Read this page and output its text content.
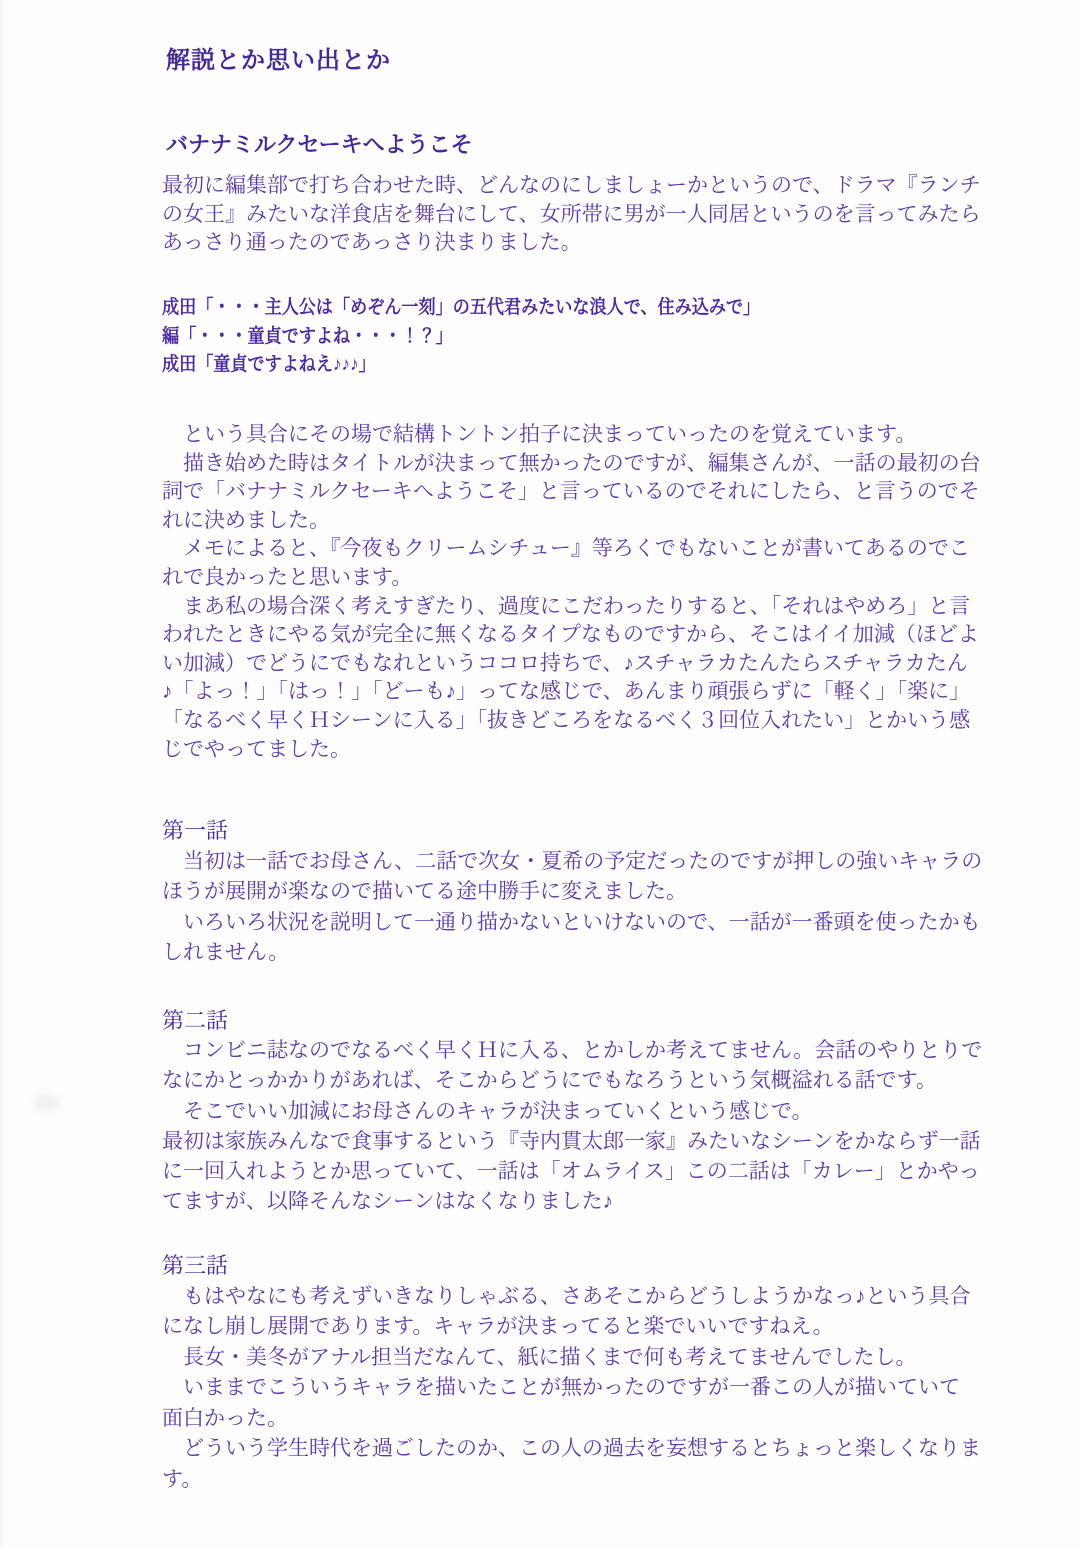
解説とか思い出とか
バナナミルクセーキへようこそ
最初に編集部で打ち合わせた時、どんなのにしましょーかというので、ドラマ『ランチ
の女王』みたいな洋食店を舞台にして、女所帯に男が一人同居というのを言ってみたら
あっさり通ったのであっさり決まりました。
成田「・・・主人公は「めぞん一刻」の五代君みたいな浪人で、住み込みで」
編「・・・童貞ですよね・・・！？」
成田「童貞ですよねえ♪♪♪」
　という具合にその場で結構トントン拍子に決まっていったのを覚えています。
　描き始めた時はタイトルが決まって無かったのですが、編集さんが、一話の最初の台
詞で「バナナミルクセーキへようこそ」と言っているのでそれにしたら、と言うのでそ
れに決めました。
　メモによると、『今夜もクリームシチュー』等ろくでもないことが書いてあるのでこ
れで良かったと思います。
　まあ私の場合深く考えすぎたり、過度にこだわったりすると、「それはやめろ」と言
われたときにやる気が完全に無くなるタイプなものですから、そこはイイ加減（ほどよ
い加減）でどうにでもなれというココロ持ちで、♪スチャラカたんたらスチャラカたん
♪「よっ！」「はっ！」「どーも♪」ってな感じで、あんまり頑張らずに「軽く」「楽に」
「なるべく早くＨシーンに入る」「抜きどころをなるべく３回位入れたい」とかいう感
じでやってました。
第一話
　当初は一話でお母さん、二話で次女・夏希の予定だったのですが押しの強いキャラの
ほうが展開が楽なので描いてる途中勝手に変えました。
　いろいろ状況を説明して一通り描かないといけないので、一話が一番頭を使ったかも
しれません。
第二話
　コンビニ誌なのでなるべく早くＨに入る、とかしか考えてません。会話のやりとりで
なにかとっかかりがあれば、そこからどうにでもなろうという気概溢れる話です。
　そこでいい加減にお母さんのキャラが決まっていくという感じで。
最初は家族みんなで食事するという『寺内貫太郎一家』みたいなシーンをかならず一話
に一回入れようとか思っていて、一話は「オムライス」この二話は「カレー」とかやっ
てますが、以降そんなシーンはなくなりました♪
第三話
　もはやなにも考えずいきなりしゃぶる、さあそこからどうしようかなっ♪という具合
になし崩し展開であります。キャラが決まってると楽でいいですねえ。
　長女・美冬がアナル担当だなんて、紙に描くまで何も考えてませんでしたし。
　いままでこういうキャラを描いたことが無かったのですが一番この人が描いていて
面白かった。
　どういう学生時代を過ごしたのか、この人の過去を妄想するとちょっと楽しくなりま
す。
